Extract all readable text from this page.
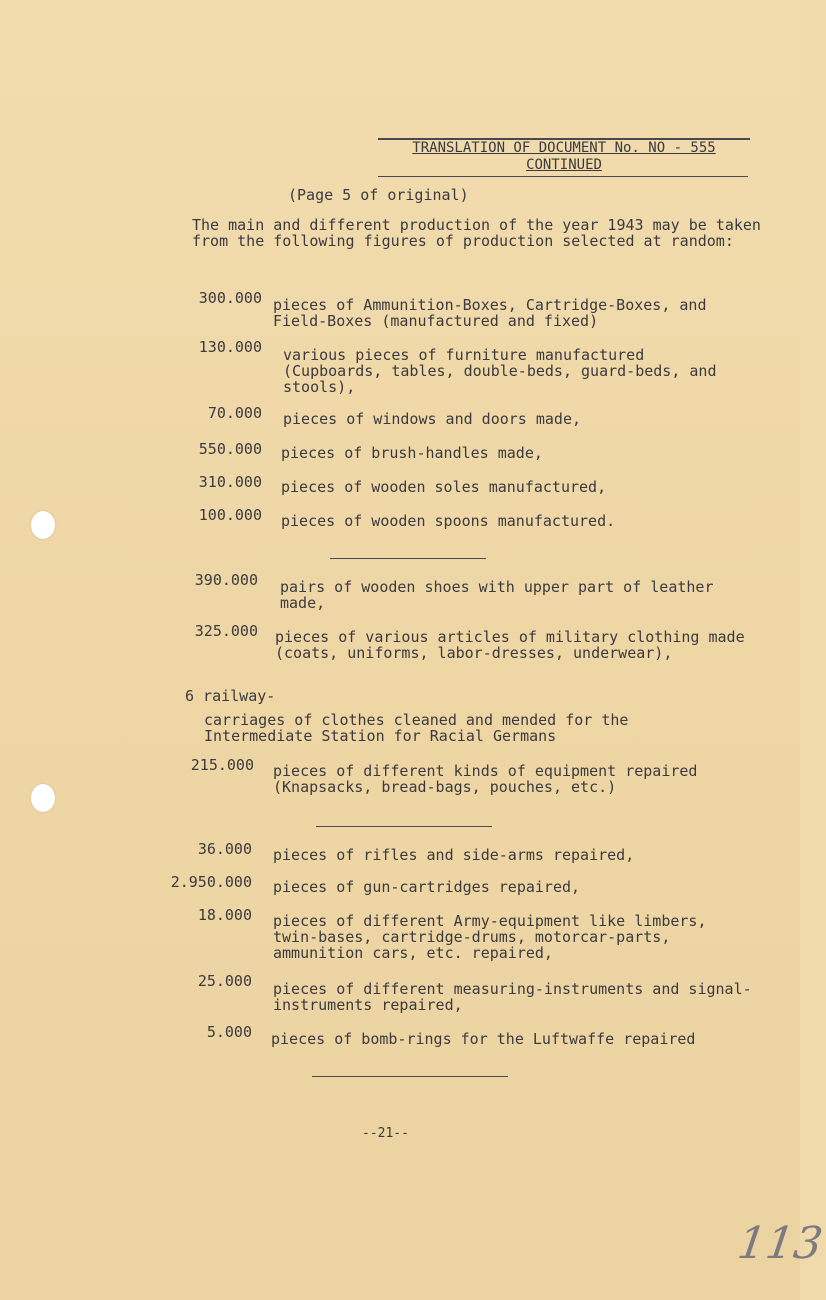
TRANSLATION OF DOCUMENT No. NO - 555
CONTINUED
(Page 5 of original)
The main and different production of the year 1943 may be taken from the following figures of production selected at random:
300.000 pieces of Ammunition-Boxes, Cartridge-Boxes, and Field-Boxes (manufactured and fixed)
130.000 various pieces of furniture manufactured (Cupboards, tables, double-beds, guard-beds, and stools),
70.000 pieces of windows and doors made,
550.000 pieces of brush-handles made,
310.000 pieces of wooden soles manufactured,
100.000 pieces of wooden spoons manufactured.
390.000 pairs of wooden shoes with upper part of leather made,
325.000 pieces of various articles of military clothing made (coats, uniforms, labor-dresses, underwear),
6 railway-
carriages of clothes cleaned and mended for the Intermediate Station for Racial Germans
215.000 pieces of different kinds of equipment repaired (Knapsacks, bread-bags, pouches, etc.)
36.000 pieces of rifles and side-arms repaired,
2.950.000 pieces of gun-cartridges repaired,
18.000 pieces of different Army-equipment like limbers, twin-bases, cartridge-drums, motorcar-parts, ammunition cars, etc. repaired,
25.000 pieces of different measuring-instruments and signal-instruments repaired,
5.000 pieces of bomb-rings for the Luftwaffe repaired
--21--
113
